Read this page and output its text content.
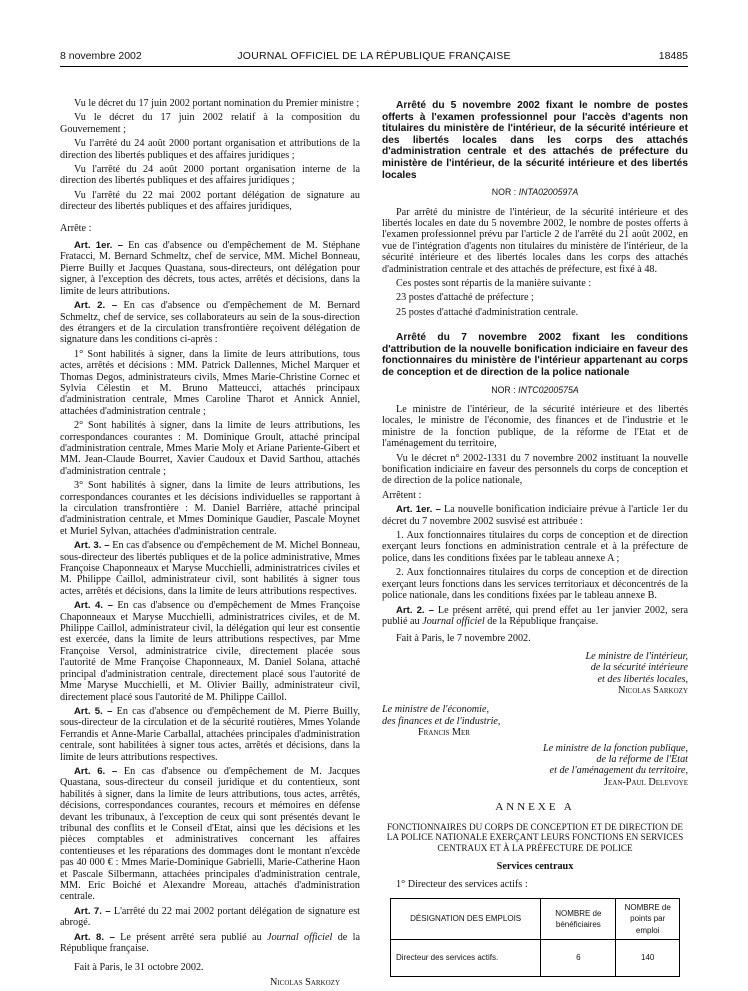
8 novembre 2002	JOURNAL OFFICIEL DE LA RÉPUBLIQUE FRANÇAISE	18485

Vu le décret du 17 juin 2002 portant nomination du Premier ministre ;

Vu le décret du 17 juin 2002 relatif à la composition du Gouvernement ;

Vu l'arrêté du 24 août 2000 portant organisation et attributions de la direction des libertés publiques et des affaires juridiques ;

Vu l'arrêté du 24 août 2000 portant organisation interne de la direction des libertés publiques et des affaires juridiques ;

Vu l'arrêté du 22 mai 2002 portant délégation de signature au directeur des libertés publiques et des affaires juridiques,

Arrête :

Art. 1er. – En cas d'absence ou d'empêchement de M. Stéphane Fratacci, M. Bernard Schmeltz, chef de service, MM. Michel Bonneau, Pierre Builly et Jacques Quastana, sous-directeurs, ont délégation pour signer, à l'exception des décrets, tous actes, arrêtés et décisions, dans la limite de leurs attributions.

Art. 2. – En cas d'absence ou d'empêchement de M. Bernard Schmeltz, chef de service, ses collaborateurs au sein de la sous-direction des étrangers et de la circulation transfrontière reçoivent délégation de signature dans les conditions ci-après :

1° Sont habilités à signer, dans la limite de leurs attributions, tous actes, arrêtés et décisions : MM. Patrick Dallennes, Michel Marquer et Thomas Degos, administrateurs civils, Mmes Marie-Christine Cornec et Sylvia Célestin et M. Bruno Matteucci, attachés principaux d'administration centrale, Mmes Caroline Tharot et Annick Anniel, attachées d'administration centrale ;

2° Sont habilités à signer, dans la limite de leurs attributions, les correspondances courantes : M. Dominique Groult, attaché principal d'administration centrale, Mmes Marie Moly et Ariane Pariente-Gibert et MM. Jean-Claude Bourret, Xavier Caudoux et David Sarthou, attachés d'administration centrale ;

3° Sont habilités à signer, dans la limite de leurs attributions, les correspondances courantes et les décisions individuelles se rapportant à la circulation transfrontière : M. Daniel Barrière, attaché principal d'administration centrale, et Mmes Dominique Gaudier, Pascale Moynet et Muriel Sylvan, attachées d'administration centrale.

Art. 3. – En cas d'absence ou d'empêchement de M. Michel Bonneau, sous-directeur des libertés publiques et de la police administrative, Mmes Françoise Chaponneaux et Maryse Mucchielli, administratrices civiles et M. Philippe Caillol, administrateur civil, sont habilités à signer tous actes, arrêtés et décisions, dans la limite de leurs attributions respectives.

Art. 4. – En cas d'absence ou d'empêchement de Mmes Françoise Chaponneaux et Maryse Mucchielli, administratrices civiles, et de M. Philippe Caillol, administrateur civil, la délégation qui leur est consentie est exercée, dans la limite de leurs attributions respectives, par Mme Françoise Versol, administratrice civile, directement placée sous l'autorité de Mme Françoise Chaponneaux, M. Daniel Solana, attaché principal d'administration centrale, directement placé sous l'autorité de Mme Maryse Mucchielli, et M. Olivier Bailly, administrateur civil, directement placé sous l'autorité de M. Philippe Caillol.

Art. 5. – En cas d'absence ou d'empêchement de M. Pierre Builly, sous-directeur de la circulation et de la sécurité routières, Mmes Yolande Ferrandis et Anne-Marie Carballal, attachées principales d'administration centrale, sont habilitées à signer tous actes, arrêtés et décisions, dans la limite de leurs attributions respectives.

Art. 6. – En cas d'absence ou d'empêchement de M. Jacques Quastana, sous-directeur du conseil juridique et du contentieux, sont habilités à signer, dans la limite de leurs attributions, tous actes, arrêtés, décisions, correspondances courantes, recours et mémoires en défense devant les tribunaux, à l'exception de ceux qui sont présentés devant le tribunal des conflits et le Conseil d'Etat, ainsi que les décisions et les pièces comptables et administratives concernant les affaires contentieuses et les réparations des dommages dont le montant n'excède pas 40 000 € : Mmes Marie-Dominique Gabrielli, Marie-Catherine Haon et Pascale Silbermann, attachées principales d'administration centrale, MM. Eric Boiché et Alexandre Moreau, attachés d'administration centrale.

Art. 7. – L'arrêté du 22 mai 2002 portant délégation de signature est abrogé.

Art. 8. – Le présent arrêté sera publié au Journal officiel de la République française.

Fait à Paris, le 31 octobre 2002.

Nicolas Sarkozy

Arrêté du 5 novembre 2002 fixant le nombre de postes offerts à l'examen professionnel pour l'accès d'agents non titulaires du ministère de l'intérieur, de la sécurité intérieure et des libertés locales dans les corps des attachés d'administration centrale et des attachés de préfecture du ministère de l'intérieur, de la sécurité intérieure et des libertés locales

NOR : INTA0200597A

Par arrêté du ministre de l'intérieur, de la sécurité intérieure et des libertés locales en date du 5 novembre 2002, le nombre de postes offerts à l'examen professionnel prévu par l'article 2 de l'arrêté du 21 août 2002, en vue de l'intégration d'agents non titulaires du ministère de l'intérieur, de la sécurité intérieure et des libertés locales dans les corps des attachés d'administration centrale et des attachés de préfecture, est fixé à 48.

Ces postes sont répartis de la manière suivante :

23 postes d'attaché de préfecture ;

25 postes d'attaché d'administration centrale.

Arrêté du 7 novembre 2002 fixant les conditions d'attribution de la nouvelle bonification indiciaire en faveur des fonctionnaires du ministère de l'intérieur appartenant au corps de conception et de direction de la police nationale

NOR : INTC0200575A

Le ministre de l'intérieur, de la sécurité intérieure et des libertés locales, le ministre de l'économie, des finances et de l'industrie et le ministre de la fonction publique, de la réforme de l'Etat et de l'aménagement du territoire,

Vu le décret n° 2002-1331 du 7 novembre 2002 instituant la nouvelle bonification indiciaire en faveur des personnels du corps de conception et de direction de la police nationale,

Arrêtent :

Art. 1er. – La nouvelle bonification indiciaire prévue à l'article 1er du décret du 7 novembre 2002 susvisé est attribuée :

1. Aux fonctionnaires titulaires du corps de conception et de direction exerçant leurs fonctions en administration centrale et à la préfecture de police, dans les conditions fixées par le tableau annexe A ;

2. Aux fonctionnaires titulaires du corps de conception et de direction exerçant leurs fonctions dans les services territoriaux et déconcentrés de la police nationale, dans les conditions fixées par le tableau annexe B.

Art. 2. – Le présent arrêté, qui prend effet au 1er janvier 2002, sera publié au Journal officiel de la République française.

Fait à Paris, le 7 novembre 2002.

Le ministre de l'intérieur,
de la sécurité intérieure
et des libertés locales,
Nicolas Sarkozy
Le ministre de l'économie,
des finances et de l'industrie,
Francis Mer
Le ministre de la fonction publique,
de la réforme de l'Etat
et de l'aménagement du territoire,
Jean-Paul Delevoye
ANNEXE A
FONCTIONNAIRES DU CORPS DE CONCEPTION ET DE DIRECTION DE LA POLICE NATIONALE EXERÇANT LEURS FONCTIONS EN SERVICES CENTRAUX ET À LA PRÉFECTURE DE POLICE
Services centraux

1° Directeur des services actifs :

DÉSIGNATION DES EMPLOIS	NOMBRE de bénéficiaires	NOMBRE de points par emploi
Directeur des services actifs.	6	140
